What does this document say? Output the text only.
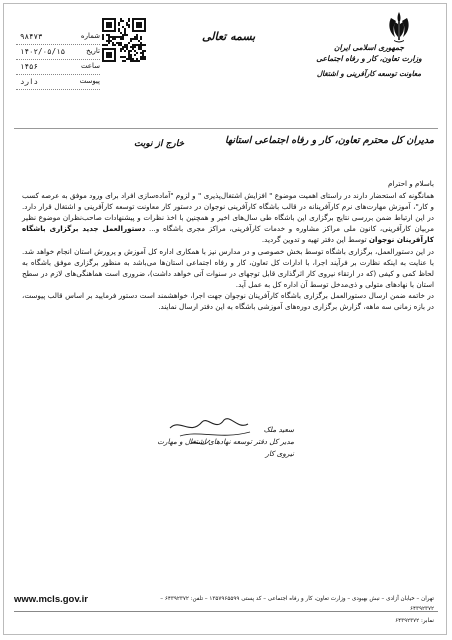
جمهوری اسلامی ایران
وزارت تعاون، کار و رفاه اجتماعی
معاونت توسعه کارآفرینی و اشتغال
بسمه تعالی
شماره
۹۸۴۷۳
تاریخ
۱۴۰۲/۰۵/۱۵
ساعت
۱۴۵۶
پیوست
دارد
مدیران کل محترم تعاون، کار و رفاه اجتماعی استانها
خارج از نوبت

باسلام و احترام

همانگونه که استحضار دارند در راستای اهمیت موضوع " افزایش اشتغال‌پذیری " و لزوم "آماده‌سازی افراد برای ورود موفق به عرصه کسب و کار"، آموزش مهارت‌های نرم کارآفرینانه در قالب باشگاه کارآفرینی نوجوان در دستور کار معاونت توسعه کارآفرینی و اشتغال قرار دارد. در این ارتباط ضمن بررسی نتایج برگزاری این باشگاه طی سال‌های اخیر و همچنین با اخذ نظرات و پیشنهادات صاحب‌نظران موضوع نظیر مربیان کارآفرینی، کانون ملی مراکز مشاوره و خدمات کارآفرینی، مراکز مجری باشگاه و... دستورالعمل جدید برگزاری باشگاه کارآفرینان نوجوان توسط این دفتر تهیه و تدوین گردید.

در این دستورالعمل، برگزاری باشگاه توسط بخش خصوصی و در مدارس نیز با همکاری اداره کل آموزش و پرورش استان انجام خواهد شد. با عنایت به اینکه نظارت بر فرآیند اجرا، با ادارات کل تعاون، کار و رفاه اجتماعی استان‌ها می‌باشد به منظور برگزاری موفق باشگاه به لحاظ کمی و کیفی (که در ارتقاء نیروی کار اثرگذاری قابل توجهای در سنوات آتی خواهد داشت)، ضروری است هماهنگی‌های لازم در سطح استان با نهادهای متولی و ذی‌مدخل توسط آن اداره کل به عمل آید.

در خاتمه ضمن ارسال دستورالعمل برگزاری باشگاه کارآفرینان نوجوان جهت اجرا، خواهشمند است دستور فرمایید بر اساس قالب پیوست، در بازه زمانی سه ماهه، گزارش برگزاری دوره‌های آموزشی باشگاه به این دفتر ارسال نمایند.

سعید ملک
مدیر کل دفتر توسعه نهادهای اشتغال و مهارت نیروی کار
www.mcls.gov.ir	تهران – خیابان آزادی – نبش بهبودی – وزارت تعاون، کار و رفاه اجتماعی – کد پستی ۱۳۵۷۹۶۵۵۹۹ – تلفن: ۶۴۳۹۲۳۷۲ – ۶۴۳۹۲۳۷۲
نمابر: ۶۴۳۹۲۳۷۲
